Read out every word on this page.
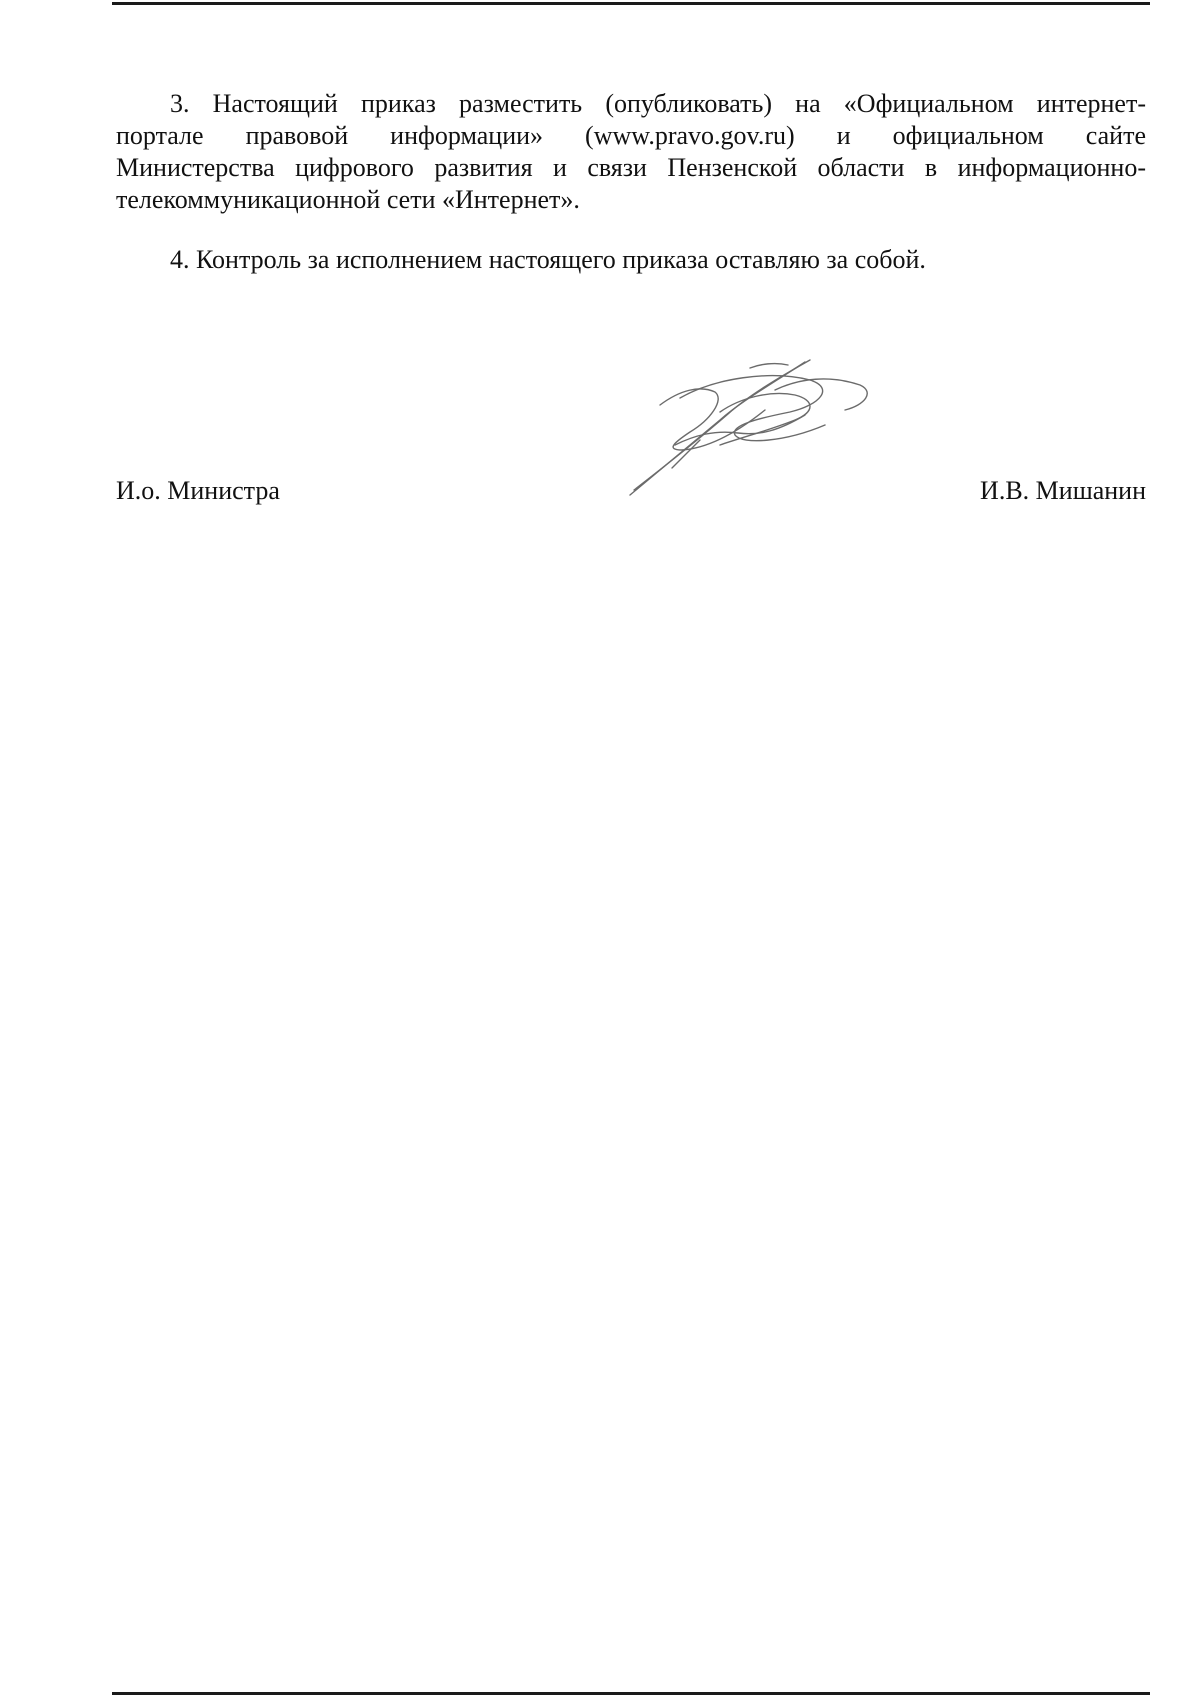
3. Настоящий приказ разместить (опубликовать) на «Официальном интернет-
портале правовой информации» (www.pravo.gov.ru) и официальном сайте
Министерства цифрового развития и связи Пензенской области в информационно-
телекоммуникационной сети «Интернет».
4. Контроль за исполнением настоящего приказа оставляю за собой.
И.о. Министра	И.В. Мишанин
